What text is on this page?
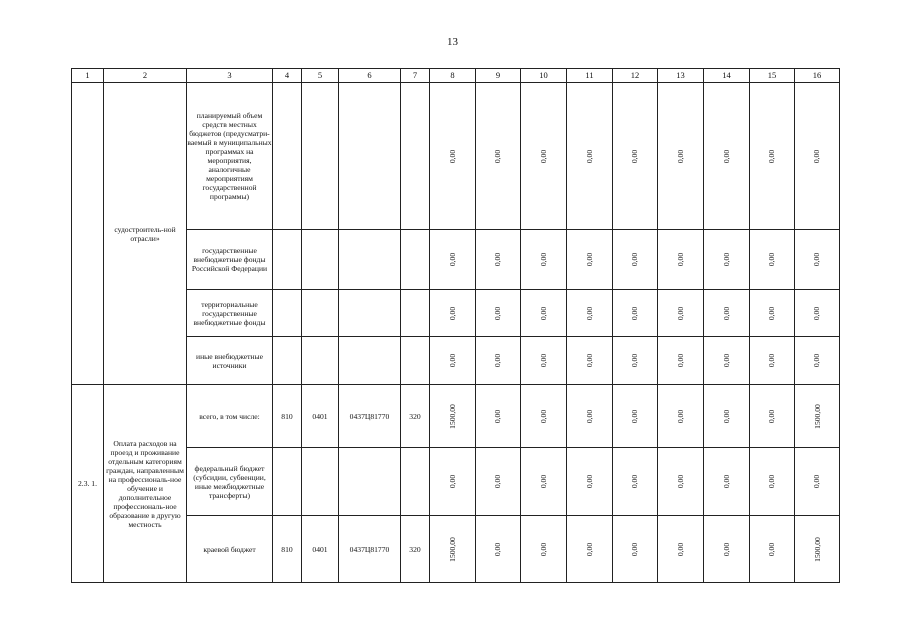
13
1	2	3	4	5	6	7	8	9	10	11	12	13	14	15	16
	судостроитель-ной отрасли»	планируемый объем средств местных бюджетов (предусматри-ваемый в муниципальных программах на мероприятия, аналогичные мероприятиям государственной программы)					0,00	0,00	0,00	0,00	0,00	0,00	0,00	0,00	0,00
		государственные внебюджетные фонды Российской Федерации					0,00	0,00	0,00	0,00	0,00	0,00	0,00	0,00	0,00
		территориальные государственные внебюджетные фонды					0,00	0,00	0,00	0,00	0,00	0,00	0,00	0,00	0,00
		иные внебюджетные источники					0,00	0,00	0,00	0,00	0,00	0,00	0,00	0,00	0,00
2.3. 1.	Оплата расходов на проезд и проживание отдельным категориям граждан, направленным на профессиональ-ное обучение и дополнительное профессиональ-ное образование в другую местность	всего, в том числе:	810	0401	0437Ц81770	320	1500,00	0,00	0,00	0,00	0,00	0,00	0,00	0,00	1500,00
		федеральный бюджет (субсидии, субвенции, иные межбюджетные трансферты)					0,00	0,00	0,00	0,00	0,00	0,00	0,00	0,00	0,00
		краевой бюджет	810	0401	0437Ц81770	320	1500,00	0,00	0,00	0,00	0,00	0,00	0,00	0,00	1500,00
